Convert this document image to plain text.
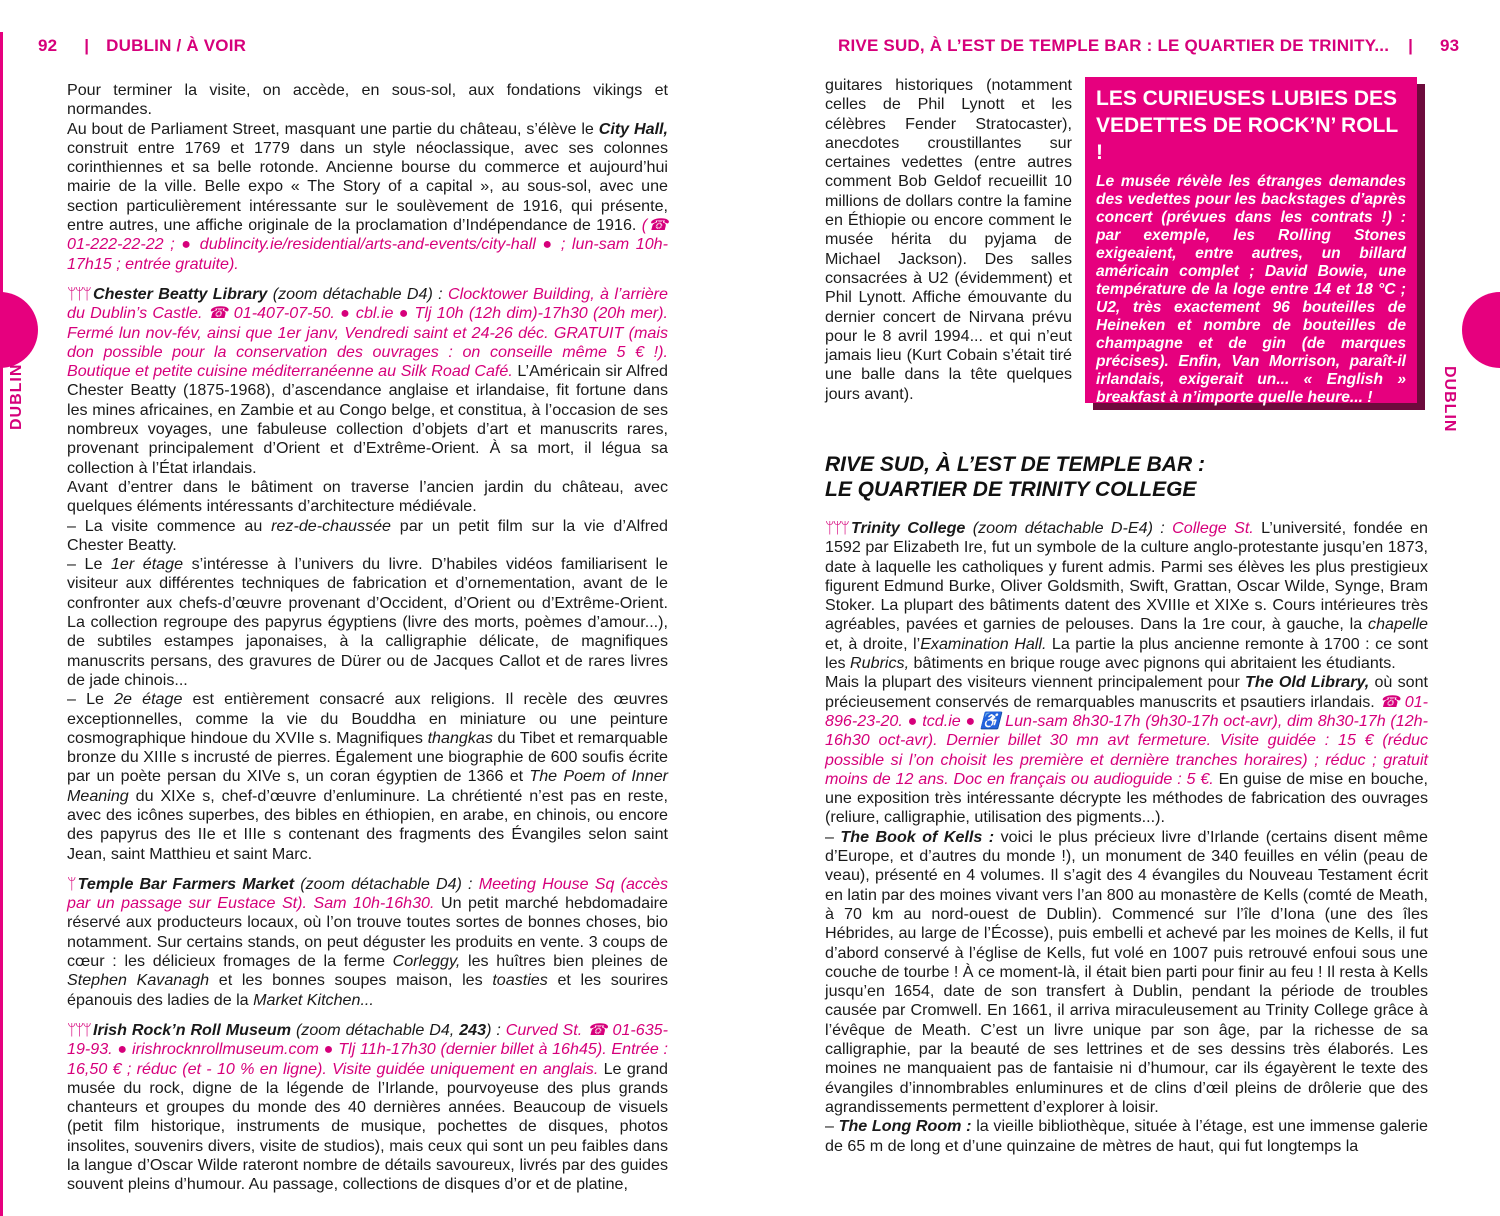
92 | DUBLIN / À VOIR
DUBLIN

Pour terminer la visite, on accède, en sous-sol, aux fondations vikings et normandes.

Au bout de Parliament Street, masquant une partie du château, s’élève le City Hall, construit entre 1769 et 1779 dans un style néoclassique, avec ses colonnes corinthiennes et sa belle rotonde. Ancienne bourse du commerce et aujourd’hui mairie de la ville. Belle expo « The Story of a capital », au sous-sol, avec une section particulièrement intéressante sur le soulèvement de 1916, qui présente, entre autres, une affiche originale de la proclamation d’Indépendance de 1916. (☎ 01-222-22-22 ; ● dublincity.ie/residential/arts-and-events/city-hall ● ; lun-sam 10h-17h15 ; entrée gratuite).

ᛘᛘᛘ Chester Beatty Library (zoom détachable D4) : Clocktower Building, à l’arrière du Dublin’s Castle. ☎ 01-407-07-50. ● cbl.ie ● Tlj 10h (12h dim)-17h30 (20h mer). Fermé lun nov-fév, ainsi que 1er janv, Vendredi saint et 24-26 déc. GRATUIT (mais don possible pour la conservation des ouvrages : on conseille même 5 € !). Boutique et petite cuisine méditerranéenne au Silk Road Café. L’Américain sir Alfred Chester Beatty (1875-1968), d’ascendance anglaise et irlandaise, fit fortune dans les mines africaines, en Zambie et au Congo belge, et constitua, à l’occasion de ses nombreux voyages, une fabuleuse collection d’objets d’art et manuscrits rares, provenant principalement d’Orient et d’Extrême-Orient. À sa mort, il légua sa collection à l’État irlandais.

Avant d’entrer dans le bâtiment on traverse l’ancien jardin du château, avec quelques éléments intéressants d’architecture médiévale.

– La visite commence au rez-de-chaussée par un petit film sur la vie d’Alfred Chester Beatty.

– Le 1er étage s’intéresse à l’univers du livre. D’habiles vidéos familiarisent le visiteur aux différentes techniques de fabrication et d’ornementation, avant de le confronter aux chefs-d’œuvre provenant d’Occident, d’Orient ou d’Extrême-Orient. La collection regroupe des papyrus égyptiens (livre des morts, poèmes d’amour...), de subtiles estampes japonaises, à la calligraphie délicate, de magnifiques manuscrits persans, des gravures de Dürer ou de Jacques Callot et de rares livres de jade chinois...

– Le 2e étage est entièrement consacré aux religions. Il recèle des œuvres exceptionnelles, comme la vie du Bouddha en miniature ou une peinture cosmographique hindoue du XVIIe s. Magnifiques thangkas du Tibet et remarquable bronze du XIIIe s incrusté de pierres. Également une biographie de 600 soufis écrite par un poète persan du XIVe s, un coran égyptien de 1366 et The Poem of Inner Meaning du XIXe s, chef-d’œuvre d’enluminure. La chrétienté n’est pas en reste, avec des icônes superbes, des bibles en éthiopien, en arabe, en chinois, ou encore des papyrus des IIe et IIIe s contenant des fragments des Évangiles selon saint Jean, saint Matthieu et saint Marc.

ᛘ Temple Bar Farmers Market (zoom détachable D4) : Meeting House Sq (accès par un passage sur Eustace St). Sam 10h-16h30. Un petit marché hebdomadaire réservé aux producteurs locaux, où l’on trouve toutes sortes de bonnes choses, bio notamment. Sur certains stands, on peut déguster les produits en vente. 3 coups de cœur : les délicieux fromages de la ferme Corleggy, les huîtres bien pleines de Stephen Kavanagh et les bonnes soupes maison, les toasties et les sourires épanouis des ladies de la Market Kitchen...

ᛘᛘᛘ Irish Rock’n Roll Museum (zoom détachable D4, 243) : Curved St. ☎ 01-635-19-93. ● irishrocknrollmuseum.com ● Tlj 11h-17h30 (dernier billet à 16h45). Entrée : 16,50 € ; réduc (et - 10 % en ligne). Visite guidée uniquement en anglais. Le grand musée du rock, digne de la légende de l’Irlande, pourvoyeuse des plus grands chanteurs et groupes du monde des 40 dernières années. Beaucoup de visuels (petit film historique, instruments de musique, pochettes de disques, photos insolites, souvenirs divers, visite de studios), mais ceux qui sont un peu faibles dans la langue d’Oscar Wilde rateront nombre de détails savoureux, livrés par des guides souvent pleins d’humour. Au passage, collections de disques d’or et de platine,

RIVE SUD, À L’EST DE TEMPLE BAR : LE QUARTIER DE TRINITY... | 93
DUBLIN

guitares historiques (notamment celles de Phil Lynott et les célèbres Fender Stratocaster), anecdotes croustillantes sur certaines vedettes (entre autres comment Bob Geldof recueillit 10 millions de dollars contre la famine en Éthiopie ou encore comment le musée hérita du pyjama de Michael Jackson). Des salles consacrées à U2 (évidemment) et Phil Lynott. Affiche émouvante du dernier concert de Nirvana prévu pour le 8 avril 1994... et qui n’eut jamais lieu (Kurt Cobain s’était tiré une balle dans la tête quelques jours avant).

LES CURIEUSES LUBIES DES VEDETTES DE ROCK’N’ ROLL !

Le musée révèle les étranges demandes des vedettes pour les backstages d’après concert (prévues dans les contrats !) : par exemple, les Rolling Stones exigeaient, entre autres, un billard américain complet ; David Bowie, une température de la loge entre 14 et 18 °C ; U2, très exactement 96 bouteilles de Heineken et nombre de bouteilles de champagne et de gin (de marques précises). Enfin, Van Morrison, paraît-il irlandais, exigerait un... « English » breakfast à n’importe quelle heure... !

RIVE SUD, À L’EST DE TEMPLE BAR :
LE QUARTIER DE TRINITY COLLEGE

ᛘᛘᛘ Trinity College (zoom détachable D-E4) : College St. L’université, fondée en 1592 par Elizabeth Ire, fut un symbole de la culture anglo-protestante jusqu’en 1873, date à laquelle les catholiques y furent admis. Parmi ses élèves les plus prestigieux figurent Edmund Burke, Oliver Goldsmith, Swift, Grattan, Oscar Wilde, Synge, Bram Stoker. La plupart des bâtiments datent des XVIIIe et XIXe s. Cours intérieures très agréables, pavées et garnies de pelouses. Dans la 1re cour, à gauche, la chapelle et, à droite, l’Examination Hall. La partie la plus ancienne remonte à 1700 : ce sont les Rubrics, bâtiments en brique rouge avec pignons qui abritaient les étudiants.

Mais la plupart des visiteurs viennent principalement pour The Old Library, où sont précieusement conservés de remarquables manuscrits et psautiers irlandais. ☎ 01-896-23-20. ● tcd.ie ● ♿ Lun-sam 8h30-17h (9h30-17h oct-avr), dim 8h30-17h (12h-16h30 oct-avr). Dernier billet 30 mn avt fermeture. Visite guidée : 15 € (réduc possible si l’on choisit les première et dernière tranches horaires) ; réduc ; gratuit moins de 12 ans. Doc en français ou audioguide : 5 €. En guise de mise en bouche, une exposition très intéressante décrypte les méthodes de fabrication des ouvrages (reliure, calligraphie, utilisation des pigments...).

– The Book of Kells : voici le plus précieux livre d’Irlande (certains disent même d’Europe, et d’autres du monde !), un monument de 340 feuilles en vélin (peau de veau), présenté en 4 volumes. Il s’agit des 4 évangiles du Nouveau Testament écrit en latin par des moines vivant vers l’an 800 au monastère de Kells (comté de Meath, à 70 km au nord-ouest de Dublin). Commencé sur l’île d’Iona (une des îles Hébrides, au large de l’Écosse), puis embelli et achevé par les moines de Kells, il fut d’abord conservé à l’église de Kells, fut volé en 1007 puis retrouvé enfoui sous une couche de tourbe ! À ce moment-là, il était bien parti pour finir au feu ! Il resta à Kells jusqu’en 1654, date de son transfert à Dublin, pendant la période de troubles causée par Cromwell. En 1661, il arriva miraculeusement au Trinity College grâce à l’évêque de Meath. C’est un livre unique par son âge, par la richesse de sa calligraphie, par la beauté de ses lettrines et de ses dessins très élaborés. Les moines ne manquaient pas de fantaisie ni d’humour, car ils égayèrent le texte des évangiles d’innombrables enluminures et de clins d’œil pleins de drôlerie que des agrandissements permettent d’explorer à loisir.

– The Long Room : la vieille bibliothèque, située à l’étage, est une immense galerie de 65 m de long et d’une quinzaine de mètres de haut, qui fut longtemps la
